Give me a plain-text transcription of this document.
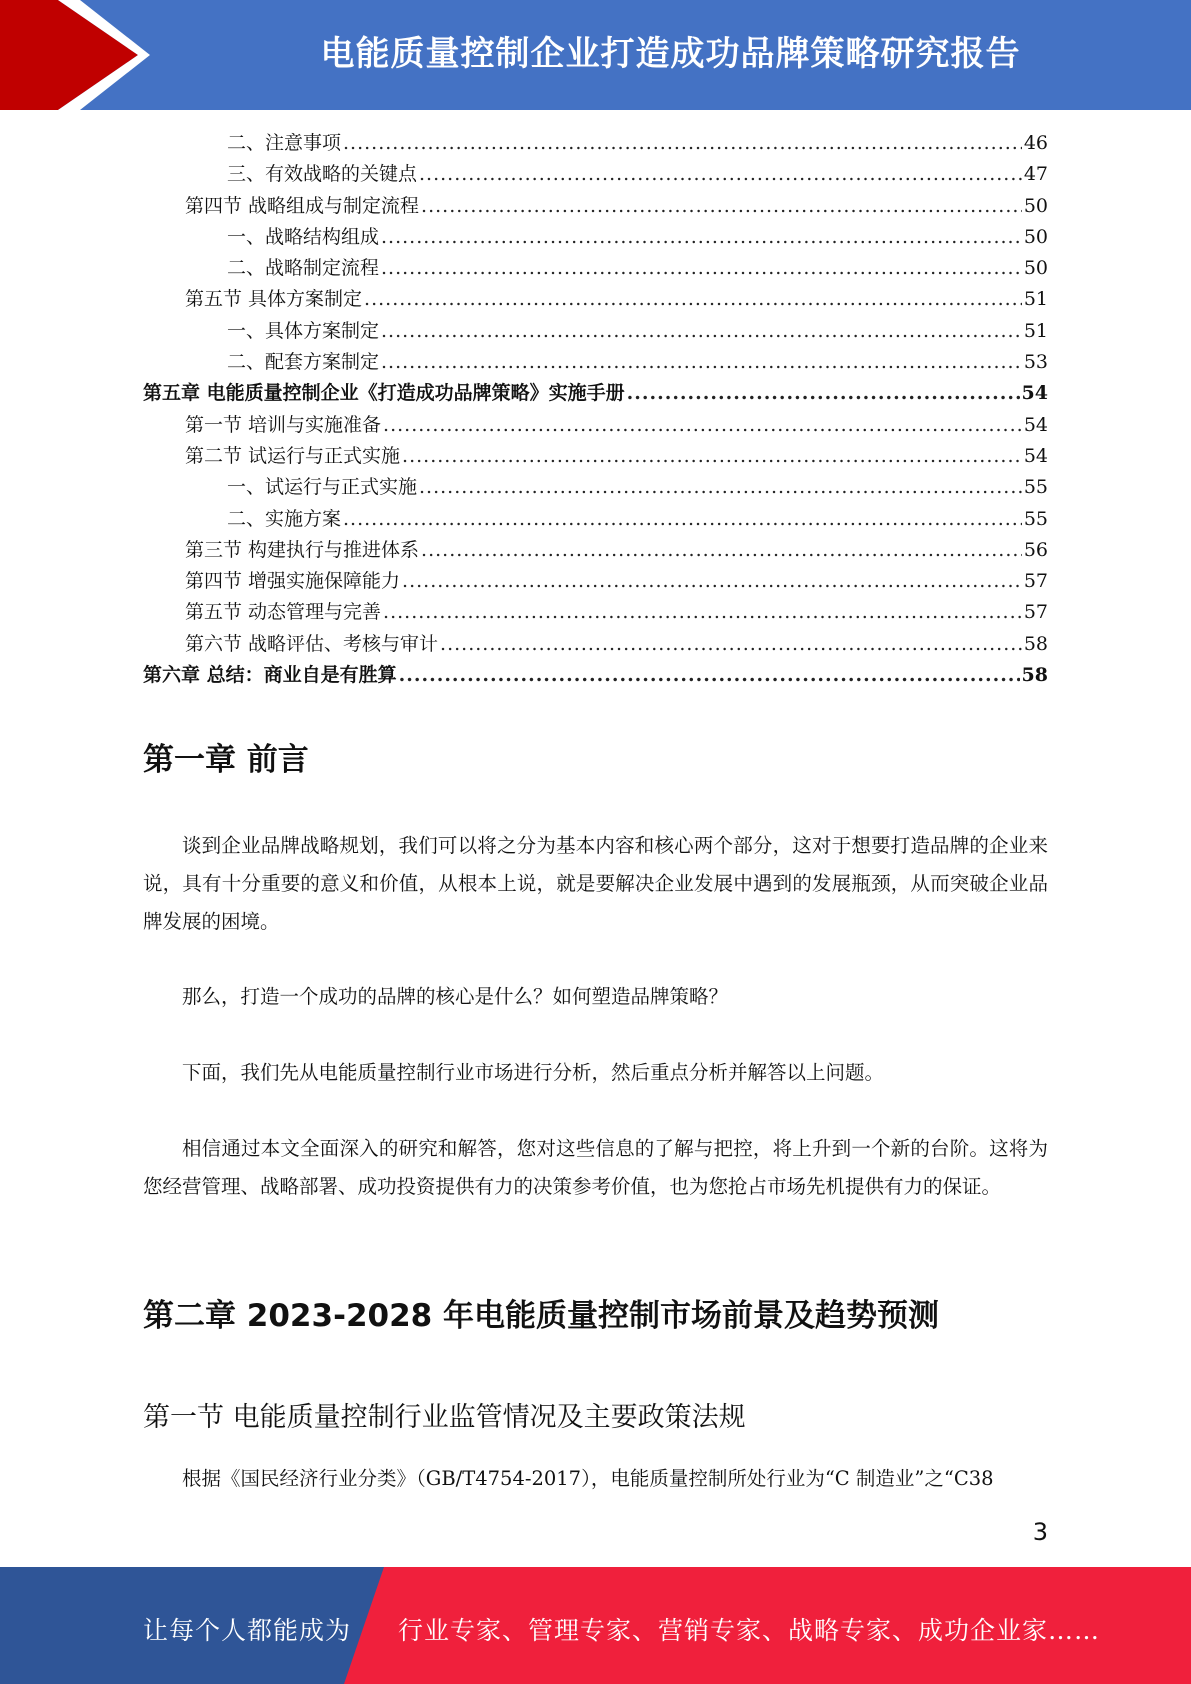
电能质量控制企业打造成功品牌策略研究报告
二、注意事项 .....	46
三、有效战略的关键点 .....	47
第四节 战略组成与制定流程 .....	50
一、战略结构组成 .....	50
二、战略制定流程 .....	50
第五节 具体方案制定 .....	51
一、具体方案制定 .....	51
二、配套方案制定 .....	53
第五章 电能质量控制企业《打造成功品牌策略》实施手册 .....	54
第一节 培训与实施准备 .....	54
第二节 试运行与正式实施 .....	54
一、试运行与正式实施 .....	55
二、实施方案 .....	55
第三节 构建执行与推进体系 .....	56
第四节 增强实施保障能力 .....	57
第五节 动态管理与完善 .....	57
第六节 战略评估、考核与审计 .....	58
第六章 总结：商业自是有胜算 .....	58
第一章 前言

谈到企业品牌战略规划，我们可以将之分为基本内容和核心两个部分，这对于想要打造品牌的企业来说，具有十分重要的意义和价值，从根本上说，就是要解决企业发展中遇到的发展瓶颈，从而突破企业品牌发展的困境。

那么，打造一个成功的品牌的核心是什么？如何塑造品牌策略？

下面，我们先从电能质量控制行业市场进行分析，然后重点分析并解答以上问题。

相信通过本文全面深入的研究和解答，您对这些信息的了解与把控，将上升到一个新的台阶。这将为您经营管理、战略部署、成功投资提供有力的决策参考价值，也为您抢占市场先机提供有力的保证。

第二章 2023-2028 年电能质量控制市场前景及趋势预测
第一节 电能质量控制行业监管情况及主要政策法规

根据《国民经济行业分类》（GB/T4754-2017），电能质量控制所处行业为“C 制造业”之“C38

3
让每个人都能成为 行业专家、管理专家、营销专家、战略专家、成功企业家……
